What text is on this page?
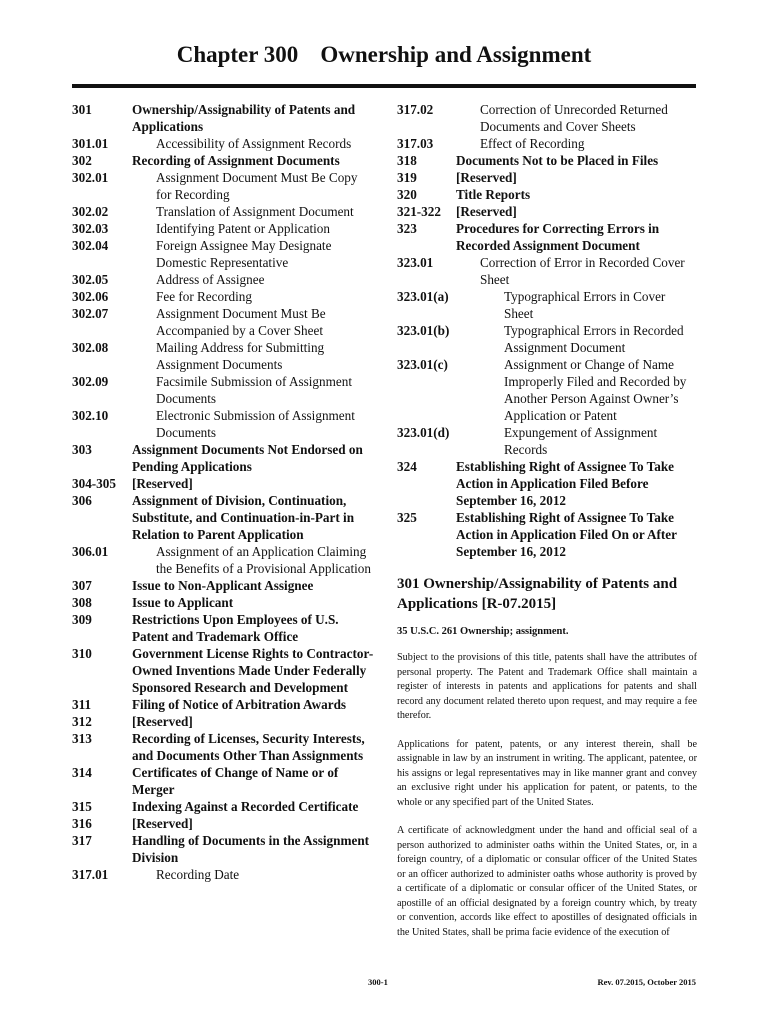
Chapter 300 Ownership and Assignment
301	Ownership/Assignability of Patents and Applications
301.01	Accessibility of Assignment Records
302	Recording of Assignment Documents
302.01	Assignment Document Must Be Copy for Recording
302.02	Translation of Assignment Document
302.03	Identifying Patent or Application
302.04	Foreign Assignee May Designate Domestic Representative
302.05	Address of Assignee
302.06	Fee for Recording
302.07	Assignment Document Must Be Accompanied by a Cover Sheet
302.08	Mailing Address for Submitting Assignment Documents
302.09	Facsimile Submission of Assignment Documents
302.10	Electronic Submission of Assignment Documents
303	Assignment Documents Not Endorsed on Pending Applications
304-305	[Reserved]
306	Assignment of Division, Continuation, Substitute, and Continuation-in-Part in Relation to Parent Application
306.01	Assignment of an Application Claiming the Benefits of a Provisional Application
307	Issue to Non-Applicant Assignee
308	Issue to Applicant
309	Restrictions Upon Employees of U.S. Patent and Trademark Office
310	Government License Rights to Contractor-Owned Inventions Made Under Federally Sponsored Research and Development
311	Filing of Notice of Arbitration Awards
312	[Reserved]
313	Recording of Licenses, Security Interests, and Documents Other Than Assignments
314	Certificates of Change of Name or of Merger
315	Indexing Against a Recorded Certificate
316	[Reserved]
317	Handling of Documents in the Assignment Division
317.01	Recording Date
317.02	Correction of Unrecorded Returned Documents and Cover Sheets
317.03	Effect of Recording
318	Documents Not to be Placed in Files
319	[Reserved]
320	Title Reports
321-322	[Reserved]
323	Procedures for Correcting Errors in Recorded Assignment Document
323.01	Correction of Error in Recorded Cover Sheet
323.01(a)	Typographical Errors in Cover Sheet
323.01(b)	Typographical Errors in Recorded Assignment Document
323.01(c)	Assignment or Change of Name Improperly Filed and Recorded by Another Person Against Owner’s Application or Patent
323.01(d)	Expungement of Assignment Records
324	Establishing Right of Assignee To Take Action in Application Filed Before September 16, 2012
325	Establishing Right of Assignee To Take Action in Application Filed On or After September 16, 2012
301 Ownership/Assignability of Patents and Applications [R-07.2015]
35 U.S.C. 261 Ownership; assignment.
Subject to the provisions of this title, patents shall have the attributes of personal property. The Patent and Trademark Office shall maintain a register of interests in patents and applications for patents and shall record any document related thereto upon request, and may require a fee therefor.
Applications for patent, patents, or any interest therein, shall be assignable in law by an instrument in writing. The applicant, patentee, or his assigns or legal representatives may in like manner grant and convey an exclusive right under his application for patent, or patents, to the whole or any specified part of the United States.
A certificate of acknowledgment under the hand and official seal of a person authorized to administer oaths within the United States, or, in a foreign country, of a diplomatic or consular officer of the United States or an officer authorized to administer oaths whose authority is proved by a certificate of a diplomatic or consular officer of the United States, or apostille of an official designated by a foreign country which, by treaty or convention, accords like effect to apostilles of designated officials in the United States, shall be prima facie evidence of the execution of
300-1	Rev. 07.2015, October 2015
